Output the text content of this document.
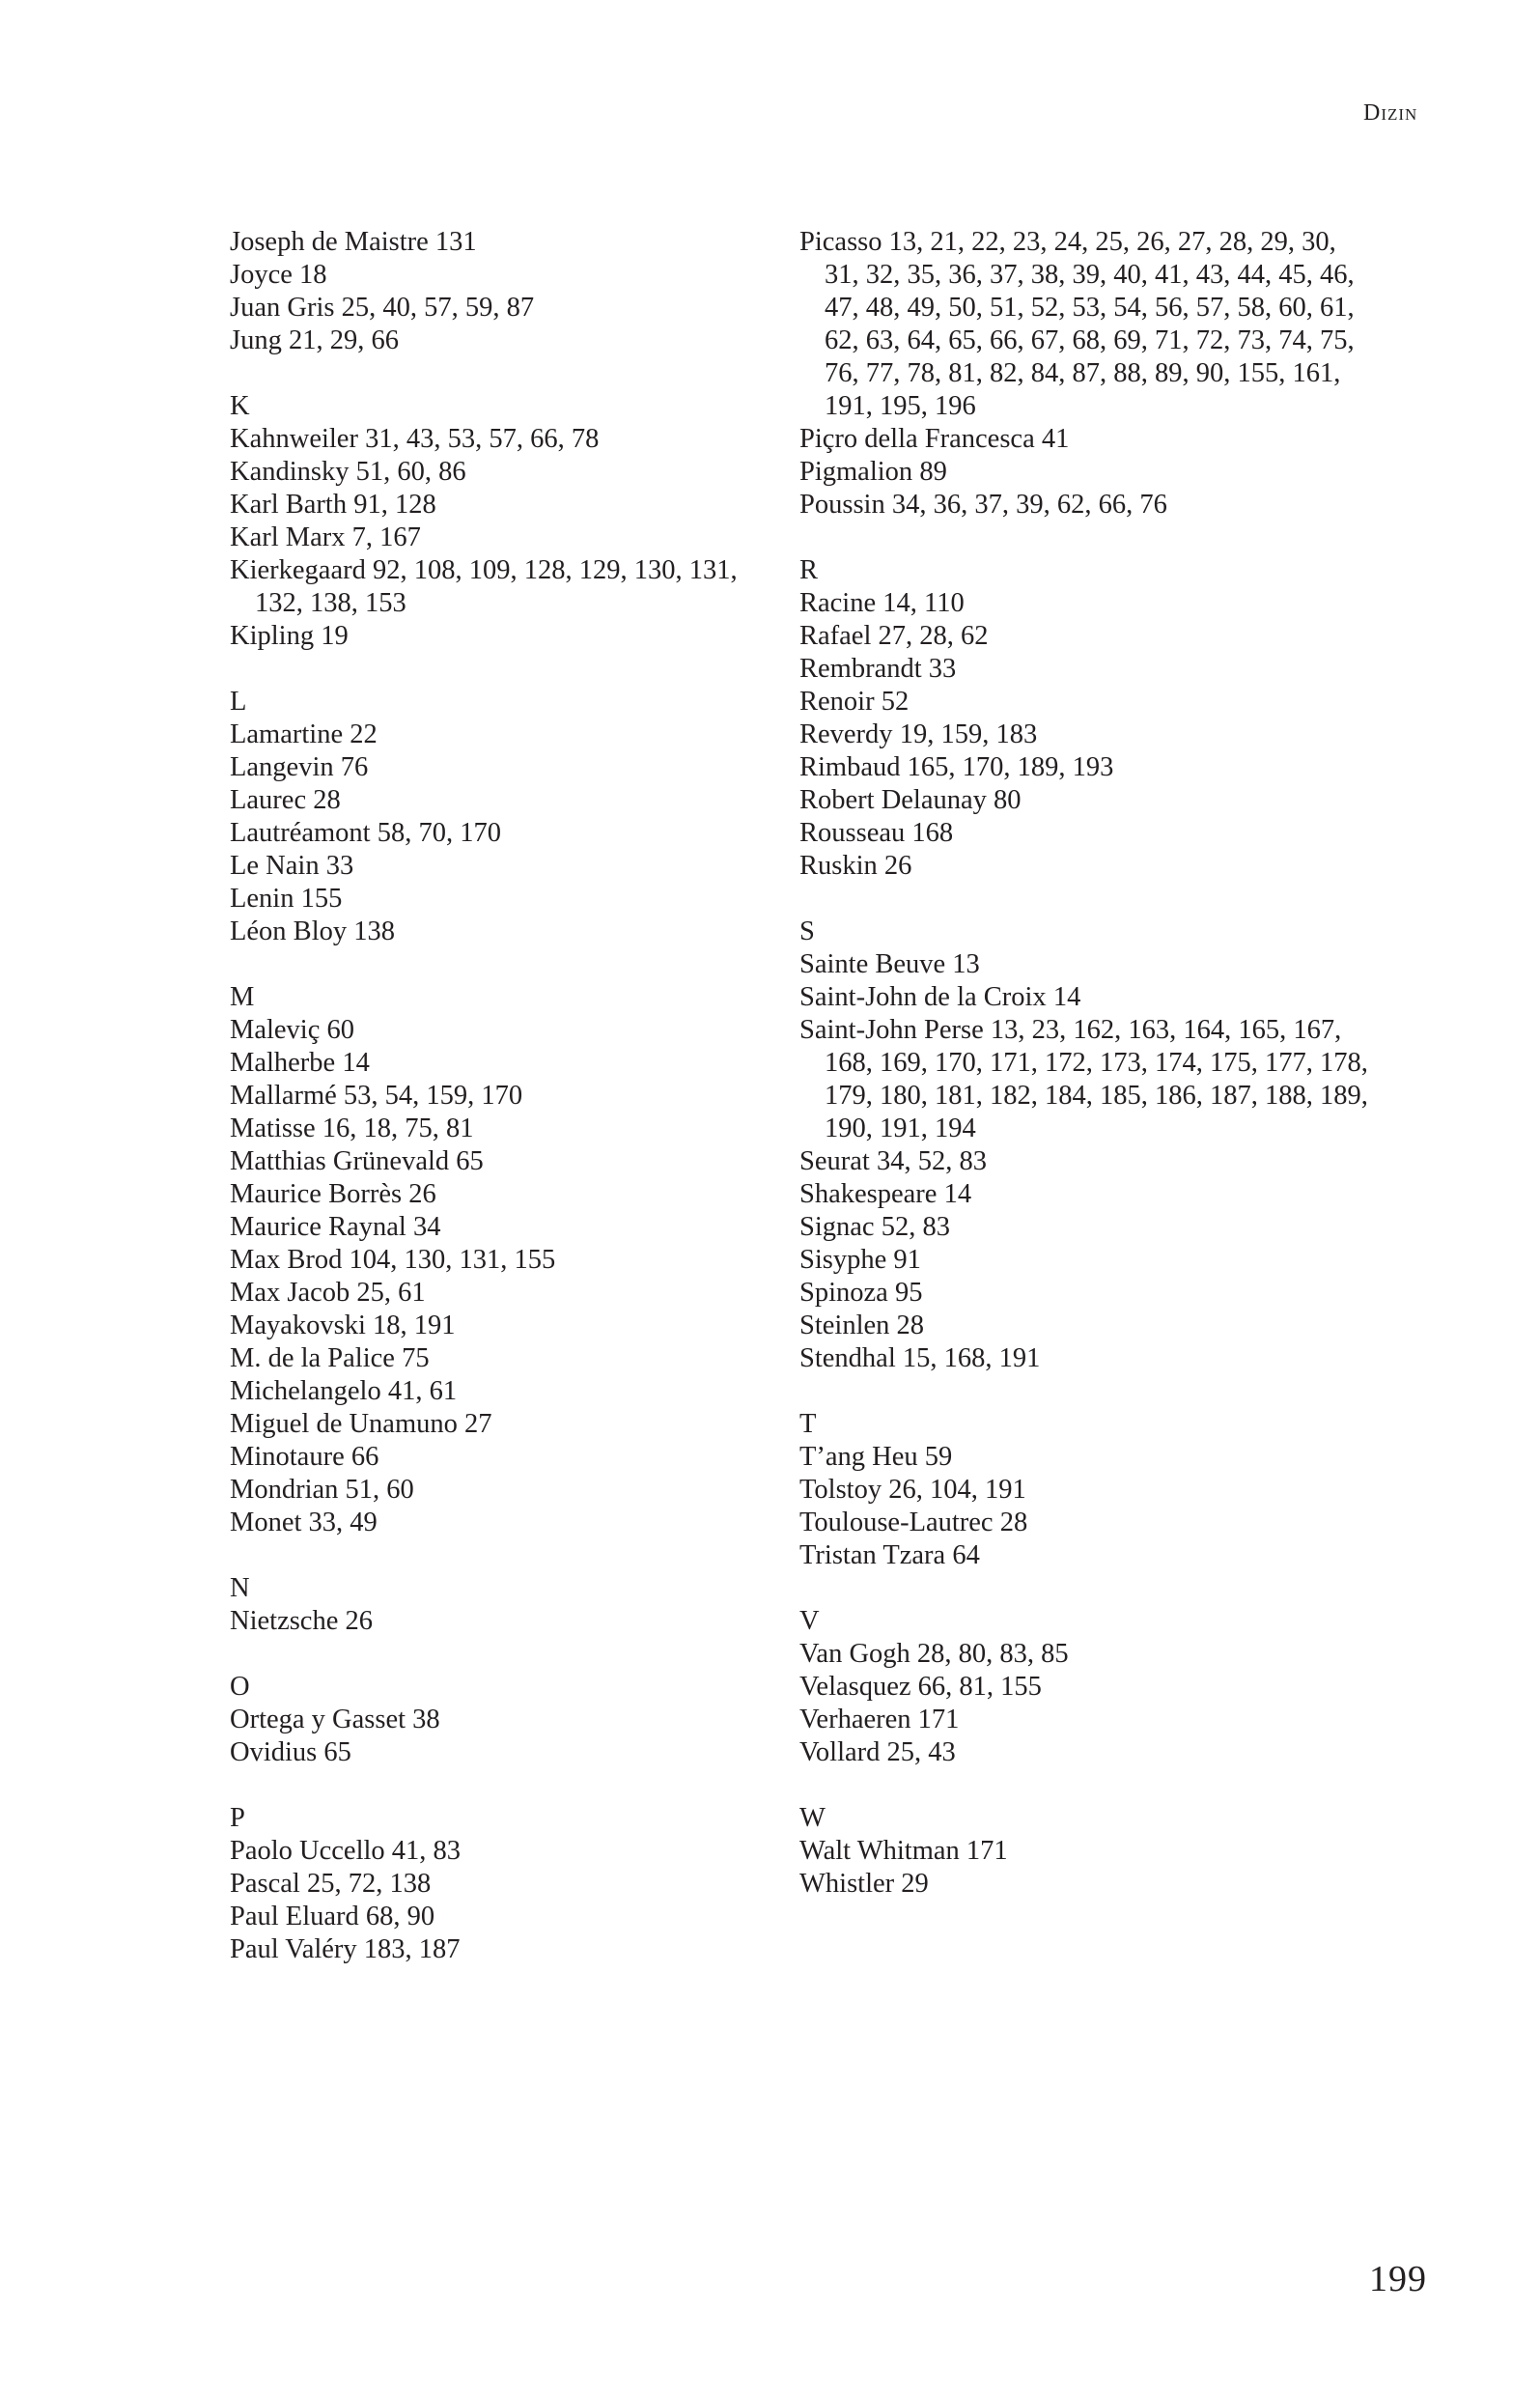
Dizin
Joseph de Maistre 131
Joyce 18
Juan Gris 25, 40, 57, 59, 87
Jung 21, 29, 66
K
Kahnweiler 31, 43, 53, 57, 66, 78
Kandinsky 51, 60, 86
Karl Barth 91, 128
Karl Marx 7, 167
Kierkegaard 92, 108, 109, 128, 129, 130, 131, 132, 138, 153
Kipling 19
L
Lamartine 22
Langevin 76
Laurec 28
Lautréamont 58, 70, 170
Le Nain 33
Lenin 155
Léon Bloy 138
M
Maleviç 60
Malherbe 14
Mallarmé 53, 54, 159, 170
Matisse 16, 18, 75, 81
Matthias Grünevald 65
Maurice Borrès 26
Maurice Raynal 34
Max Brod 104, 130, 131, 155
Max Jacob 25, 61
Mayakovski 18, 191
M. de la Palice 75
Michelangelo 41, 61
Miguel de Unamuno 27
Minotaure 66
Mondrian 51, 60
Monet 33, 49
N
Nietzsche 26
O
Ortega y Gasset 38
Ovidius 65
P
Paolo Uccello 41, 83
Pascal 25, 72, 138
Paul Eluard 68, 90
Paul Valéry 183, 187
Picasso 13, 21, 22, 23, 24, 25, 26, 27, 28, 29, 30, 31, 32, 35, 36, 37, 38, 39, 40, 41, 43, 44, 45, 46, 47, 48, 49, 50, 51, 52, 53, 54, 56, 57, 58, 60, 61, 62, 63, 64, 65, 66, 67, 68, 69, 71, 72, 73, 74, 75, 76, 77, 78, 81, 82, 84, 87, 88, 89, 90, 155, 161, 191, 195, 196
Piçro della Francesca 41
Pigmalion 89
Poussin 34, 36, 37, 39, 62, 66, 76
R
Racine 14, 110
Rafael 27, 28, 62
Rembrandt 33
Renoir 52
Reverdy 19, 159, 183
Rimbaud 165, 170, 189, 193
Robert Delaunay 80
Rousseau 168
Ruskin 26
S
Sainte Beuve 13
Saint-John de la Croix 14
Saint-John Perse 13, 23, 162, 163, 164, 165, 167, 168, 169, 170, 171, 172, 173, 174, 175, 177, 178, 179, 180, 181, 182, 184, 185, 186, 187, 188, 189, 190, 191, 194
Seurat 34, 52, 83
Shakespeare 14
Signac 52, 83
Sisyphe 91
Spinoza 95
Steinlen 28
Stendhal 15, 168, 191
T
T’ang Heu 59
Tolstoy 26, 104, 191
Toulouse-Lautrec 28
Tristan Tzara 64
V
Van Gogh 28, 80, 83, 85
Velasquez 66, 81, 155
Verhaeren 171
Vollard 25, 43
W
Walt Whitman 171
Whistler 29
199
